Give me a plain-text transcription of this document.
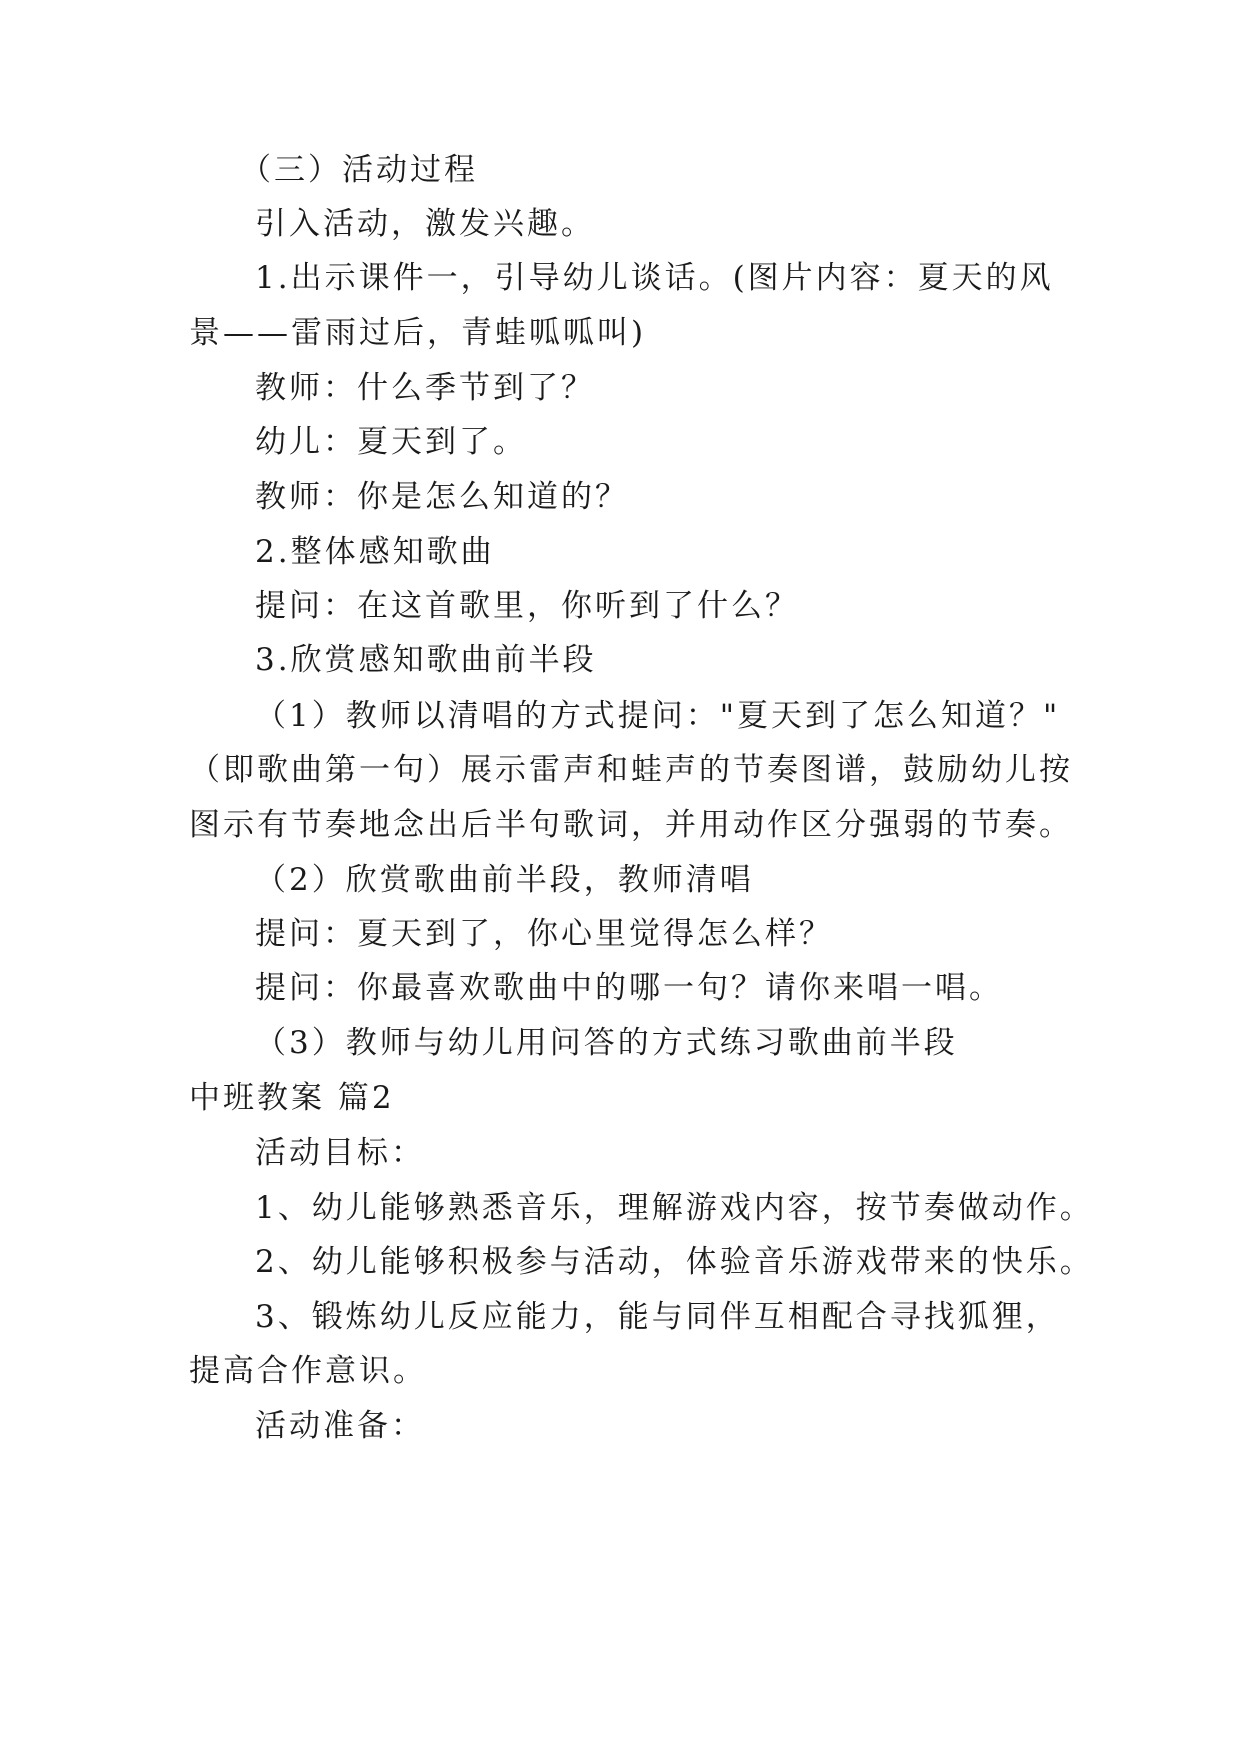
（三）活动过程
引入活动，激发兴趣。
1.出示课件一，引导幼儿谈话。(图片内容：夏天的风
景——雷雨过后，青蛙呱呱叫)
教师：什么季节到了？
幼儿：夏天到了。
教师：你是怎么知道的？
2.整体感知歌曲
提问：在这首歌里，你听到了什么？
3.欣赏感知歌曲前半段
（1）教师以清唱的方式提问："夏天到了怎么知道？"
（即歌曲第一句）展示雷声和蛙声的节奏图谱，鼓励幼儿按
图示有节奏地念出后半句歌词，并用动作区分强弱的节奏。
（2）欣赏歌曲前半段，教师清唱
提问：夏天到了，你心里觉得怎么样？
提问：你最喜欢歌曲中的哪一句？请你来唱一唱。
（3）教师与幼儿用问答的方式练习歌曲前半段
中班教案 篇2
活动目标：
1、幼儿能够熟悉音乐，理解游戏内容，按节奏做动作。
2、幼儿能够积极参与活动，体验音乐游戏带来的快乐。
3、锻炼幼儿反应能力，能与同伴互相配合寻找狐狸，
提高合作意识。
活动准备：
